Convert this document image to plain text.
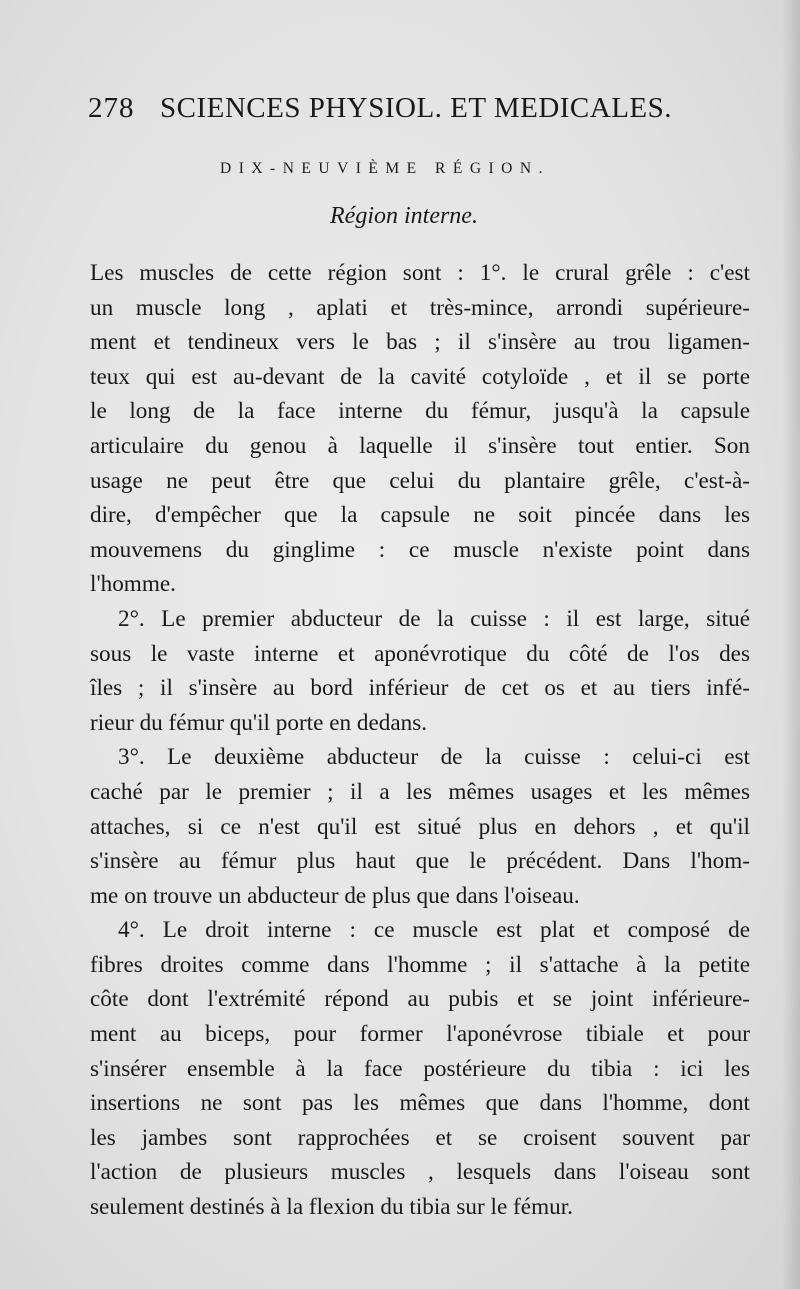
278 SCIENCES PHYSIOL. ET MEDICALES.
DIX-NEUVIÈME RÉGION.
Région interne.
Les muscles de cette région sont : 1°. le crural grêle : c'est
un muscle long , aplati et très-mince, arrondi supérieure-
ment et tendineux vers le bas ; il s'insère au trou ligamen-
teux qui est au-devant de la cavité cotyloïde , et il se porte
le long de la face interne du fémur, jusqu'à la capsule
articulaire du genou à laquelle il s'insère tout entier. Son
usage ne peut être que celui du plantaire grêle, c'est-à-
dire, d'empêcher que la capsule ne soit pincée dans les
mouvemens du ginglime : ce muscle n'existe point dans
l'homme.
2°. Le premier abducteur de la cuisse : il est large, situé
sous le vaste interne et aponévrotique du côté de l'os des
îles ; il s'insère au bord inférieur de cet os et au tiers infé-
rieur du fémur qu'il porte en dedans.
3°. Le deuxième abducteur de la cuisse : celui-ci est
caché par le premier ; il a les mêmes usages et les mêmes
attaches, si ce n'est qu'il est situé plus en dehors , et qu'il
s'insère au fémur plus haut que le précédent. Dans l'hom-
me on trouve un abducteur de plus que dans l'oiseau.
4°. Le droit interne : ce muscle est plat et composé de
fibres droites comme dans l'homme ; il s'attache à la petite
côte dont l'extrémité répond au pubis et se joint inférieure-
ment au biceps, pour former l'aponévrose tibiale et pour
s'insérer ensemble à la face postérieure du tibia : ici les
insertions ne sont pas les mêmes que dans l'homme, dont
les jambes sont rapprochées et se croisent souvent par
l'action de plusieurs muscles , lesquels dans l'oiseau sont
seulement destinés à la flexion du tibia sur le fémur.
